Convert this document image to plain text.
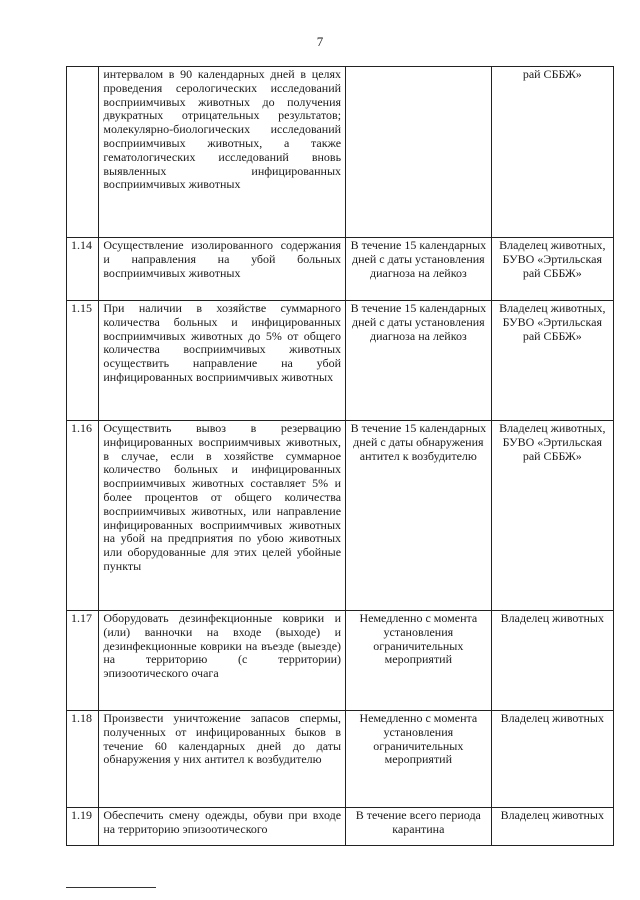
7
	интервалом в 90 календарных дней в целях проведения серологических исследований восприимчивых животных до получения двукратных отрицательных результатов; молекулярно-биологических исследований восприимчивых животных, а также гематологических исследований вновь выявленных инфицированных восприимчивых животных		рай СББЖ»
1.14	Осуществление изолированного содержания и направления на убой больных восприимчивых животных	В течение 15 календарных дней с даты установления диагноза на лейкоз	Владелец животных, БУВО «Эртильская рай СББЖ»
1.15	При наличии в хозяйстве суммарного количества больных и инфицированных восприимчивых животных до 5% от общего количества восприимчивых животных осуществить направление на убой инфицированных восприимчивых животных	В течение 15 календарных дней с даты установления диагноза на лейкоз	Владелец животных, БУВО «Эртильская рай СББЖ»
1.16	Осуществить вывоз в резервацию инфицированных восприимчивых животных, в случае, если в хозяйстве суммарное количество больных и инфицированных восприимчивых животных составляет 5% и более процентов от общего количества восприимчивых животных, или направление инфицированных восприимчивых животных на убой на предприятия по убою животных или оборудованные для этих целей убойные пункты	В течение 15 календарных дней с даты обнаружения антител к возбудителю	Владелец животных, БУВО «Эртильская рай СББЖ»
1.17	Оборудовать дезинфекционные коврики и (или) ванночки на входе (выходе) и дезинфекционные коврики на въезде (выезде) на территорию (с территории) эпизоотического очага	Немедленно с момента установления ограничительных мероприятий	Владелец животных
1.18	Произвести уничтожение запасов спермы, полученных от инфицированных быков в течение 60 календарных дней до даты обнаружения у них антител к возбудителю	Немедленно с момента установления ограничительных мероприятий	Владелец животных
1.19	Обеспечить смену одежды, обуви при входе на территорию эпизоотического	В течение всего периода карантина	Владелец животных
